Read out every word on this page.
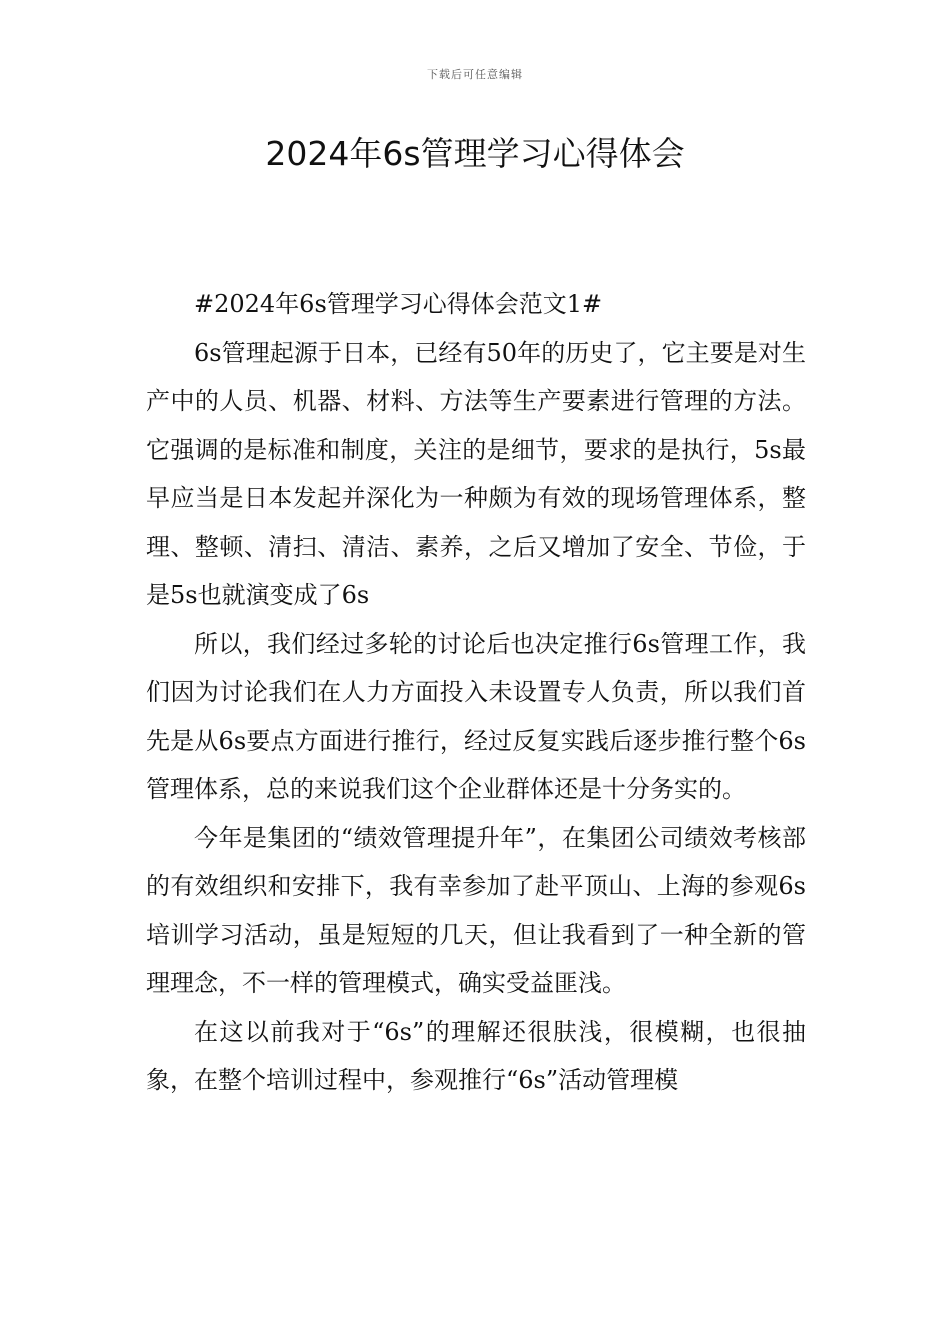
下载后可任意编辑
2024年6s管理学习心得体会

#2024年6s管理学习心得体会范文1#

6s管理起源于日本，已经有50年的历史了，它主要是对生产中的人员、机器、材料、方法等生产要素进行管理的方法。它强调的是标准和制度，关注的是细节，要求的是执行，5s最早应当是日本发起并深化为一种颇为有效的现场管理体系，整理、整顿、清扫、清洁、素养，之后又增加了安全、节俭，于是5s也就演变成了6s

所以，我们经过多轮的讨论后也决定推行6s管理工作，我们因为讨论我们在人力方面投入未设置专人负责，所以我们首先是从6s要点方面进行推行，经过反复实践后逐步推行整个6s管理体系，总的来说我们这个企业群体还是十分务实的。

今年是集团的“绩效管理提升年”，在集团公司绩效考核部的有效组织和安排下，我有幸参加了赴平顶山、上海的参观6s培训学习活动，虽是短短的几天，但让我看到了一种全新的管理理念，不一样的管理模式，确实受益匪浅。

在这以前我对于“6s”的理解还很肤浅，很模糊，也很抽象，在整个培训过程中，参观推行“6s”活动管理模
